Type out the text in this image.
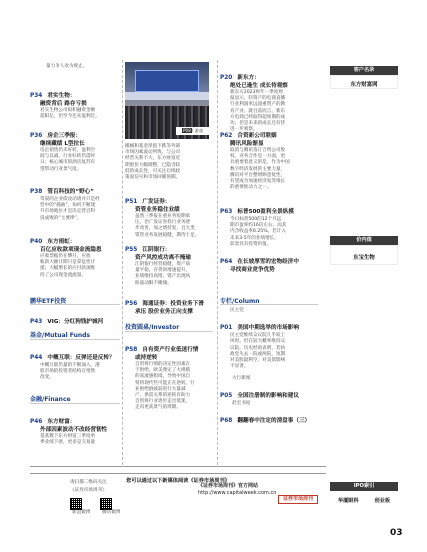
量力争人欢为规止。
P34 君实生物：
融资背后 路存亏损
君实生物公司拟积融资金额
超阳亿，但至今还未盈利过。
P36 房企三季报：
继续藏绩 L型拉长
房企销售仍未好转，盈利空
间与以减，行业好转仍需时
日；核心城市的酒店复苏有
望带动行业景气度。
P38 管百科技的“野心”
驾驭的企业债攻动诸并只是经
营中的“插曲”，如何不断迷
升市场地位才是决定营百科
技成败的“主要律”。
P40 东方雨虹：
百亿应收款项现金流隐患
应收票据仍在攀升，应收
账款大额计期只是拿征性计
提；大幅增长的应付款项维
持了公司现金流流量。
鹏华ETF投资
P43 VIG：分红狗钱护城河
基金/Mutual Funds
P44 中概互联：反弹还是反转？
中概互联仍量的不断涌入，港
股市场的投资者结构在悄然
改变。
金融/Finance
P46 东方财富：
外部因素波动不改经营韧性
基基数下东方财富三季度单
季业绩下滑，更多是交易量
P08/ 游戏
搬桶和基金净值下跌等外部
市场因素波动所致，与公司
经营关系不大。东方财富近
期股价大幅调整，已隐含较
低的成长性，可关注后续政
策面信号和市场回暖预期。
P51 广发证券：
资管业务稳住业绩
虽然三季报在重业务短期承
压，但广发证券投行业务逐
步改善，加之增持复，且大类
资管业务发展稳健，期待十足。
P55 江阴银行：
资产风控成功离不掩瑜
江阴银行经营稳健，资产质
量平稳，存贷款增速提升，
业绩维持高增。资产出现风
险波动限不掩瑜。
P56 海通证券：投资业务下滑
承压 股价业务正向支撑
投资圆桌/Investor
P58 自有资产行业低迷行情
或持逆转
自贸将行情的决定性因素在
于供给。欧美尊定了大规模
的高流感指境，导致中国自
贸将现代些可能正在逆转。行
业供给链疲弱进行大量减
产。供需关系的逆转有助力
自贸将行业逐步走出低迷，
走向更高景气的周期。
P20 新东方：
绝处已逢生 成长待观察
新东方2023财年一季度财
报显示，轻资产的电商直播
行业利润率远超重资产的教
育产业。就目前而言，新东
方电商已经取得超预期的成
功，但是未来的成长还有待
进一步观察。
P62 合资新公司联姻
腾讯风险渐显
取消与腾讯签订合资公司股
权，业务合作是一方面，更
具重要着意义的是，作为中国
数字经济发展的主要力量，
腾讯对平台整增顾意复性，
有望成为加速经济复苏推长
的重要推动力之一。
P63 标普500盈利全景纵摸
今日标普500的12个月远
期市盈率约16倍左右，而其
内含收益率6.25%。若计入
未来3-5年的业绩增长，
前景具有投资价值。
P64 在长坡厚雪的宏物经济中
寻找商业竞争优势
专栏/Column
民主党
P01 美国中期选举的市场影响
民主党维续众议院几乎较上
风时。但在较大概率维持众
议院。历史经验表明，若执
政党失去一院或两院，短期
对美股最利空，对美债影响
不显著。
大行新闻
P05 全国注册制的影响和建议
赵宏书屋
P68 翻翻春中注定的清盘事（三）
客户名录
东方财富网
价内值
东宝生物
IPO索引
华厦眼科	创业板
您可以通过以下新媒体阅读《证券市场周刊》
请扫描二维码关注
《证券市场周刊》
新浪微博	腾讯微博
《证券市场周刊》官方网站
http://www.capitalweek.com.cn
证券市场周刊
03
